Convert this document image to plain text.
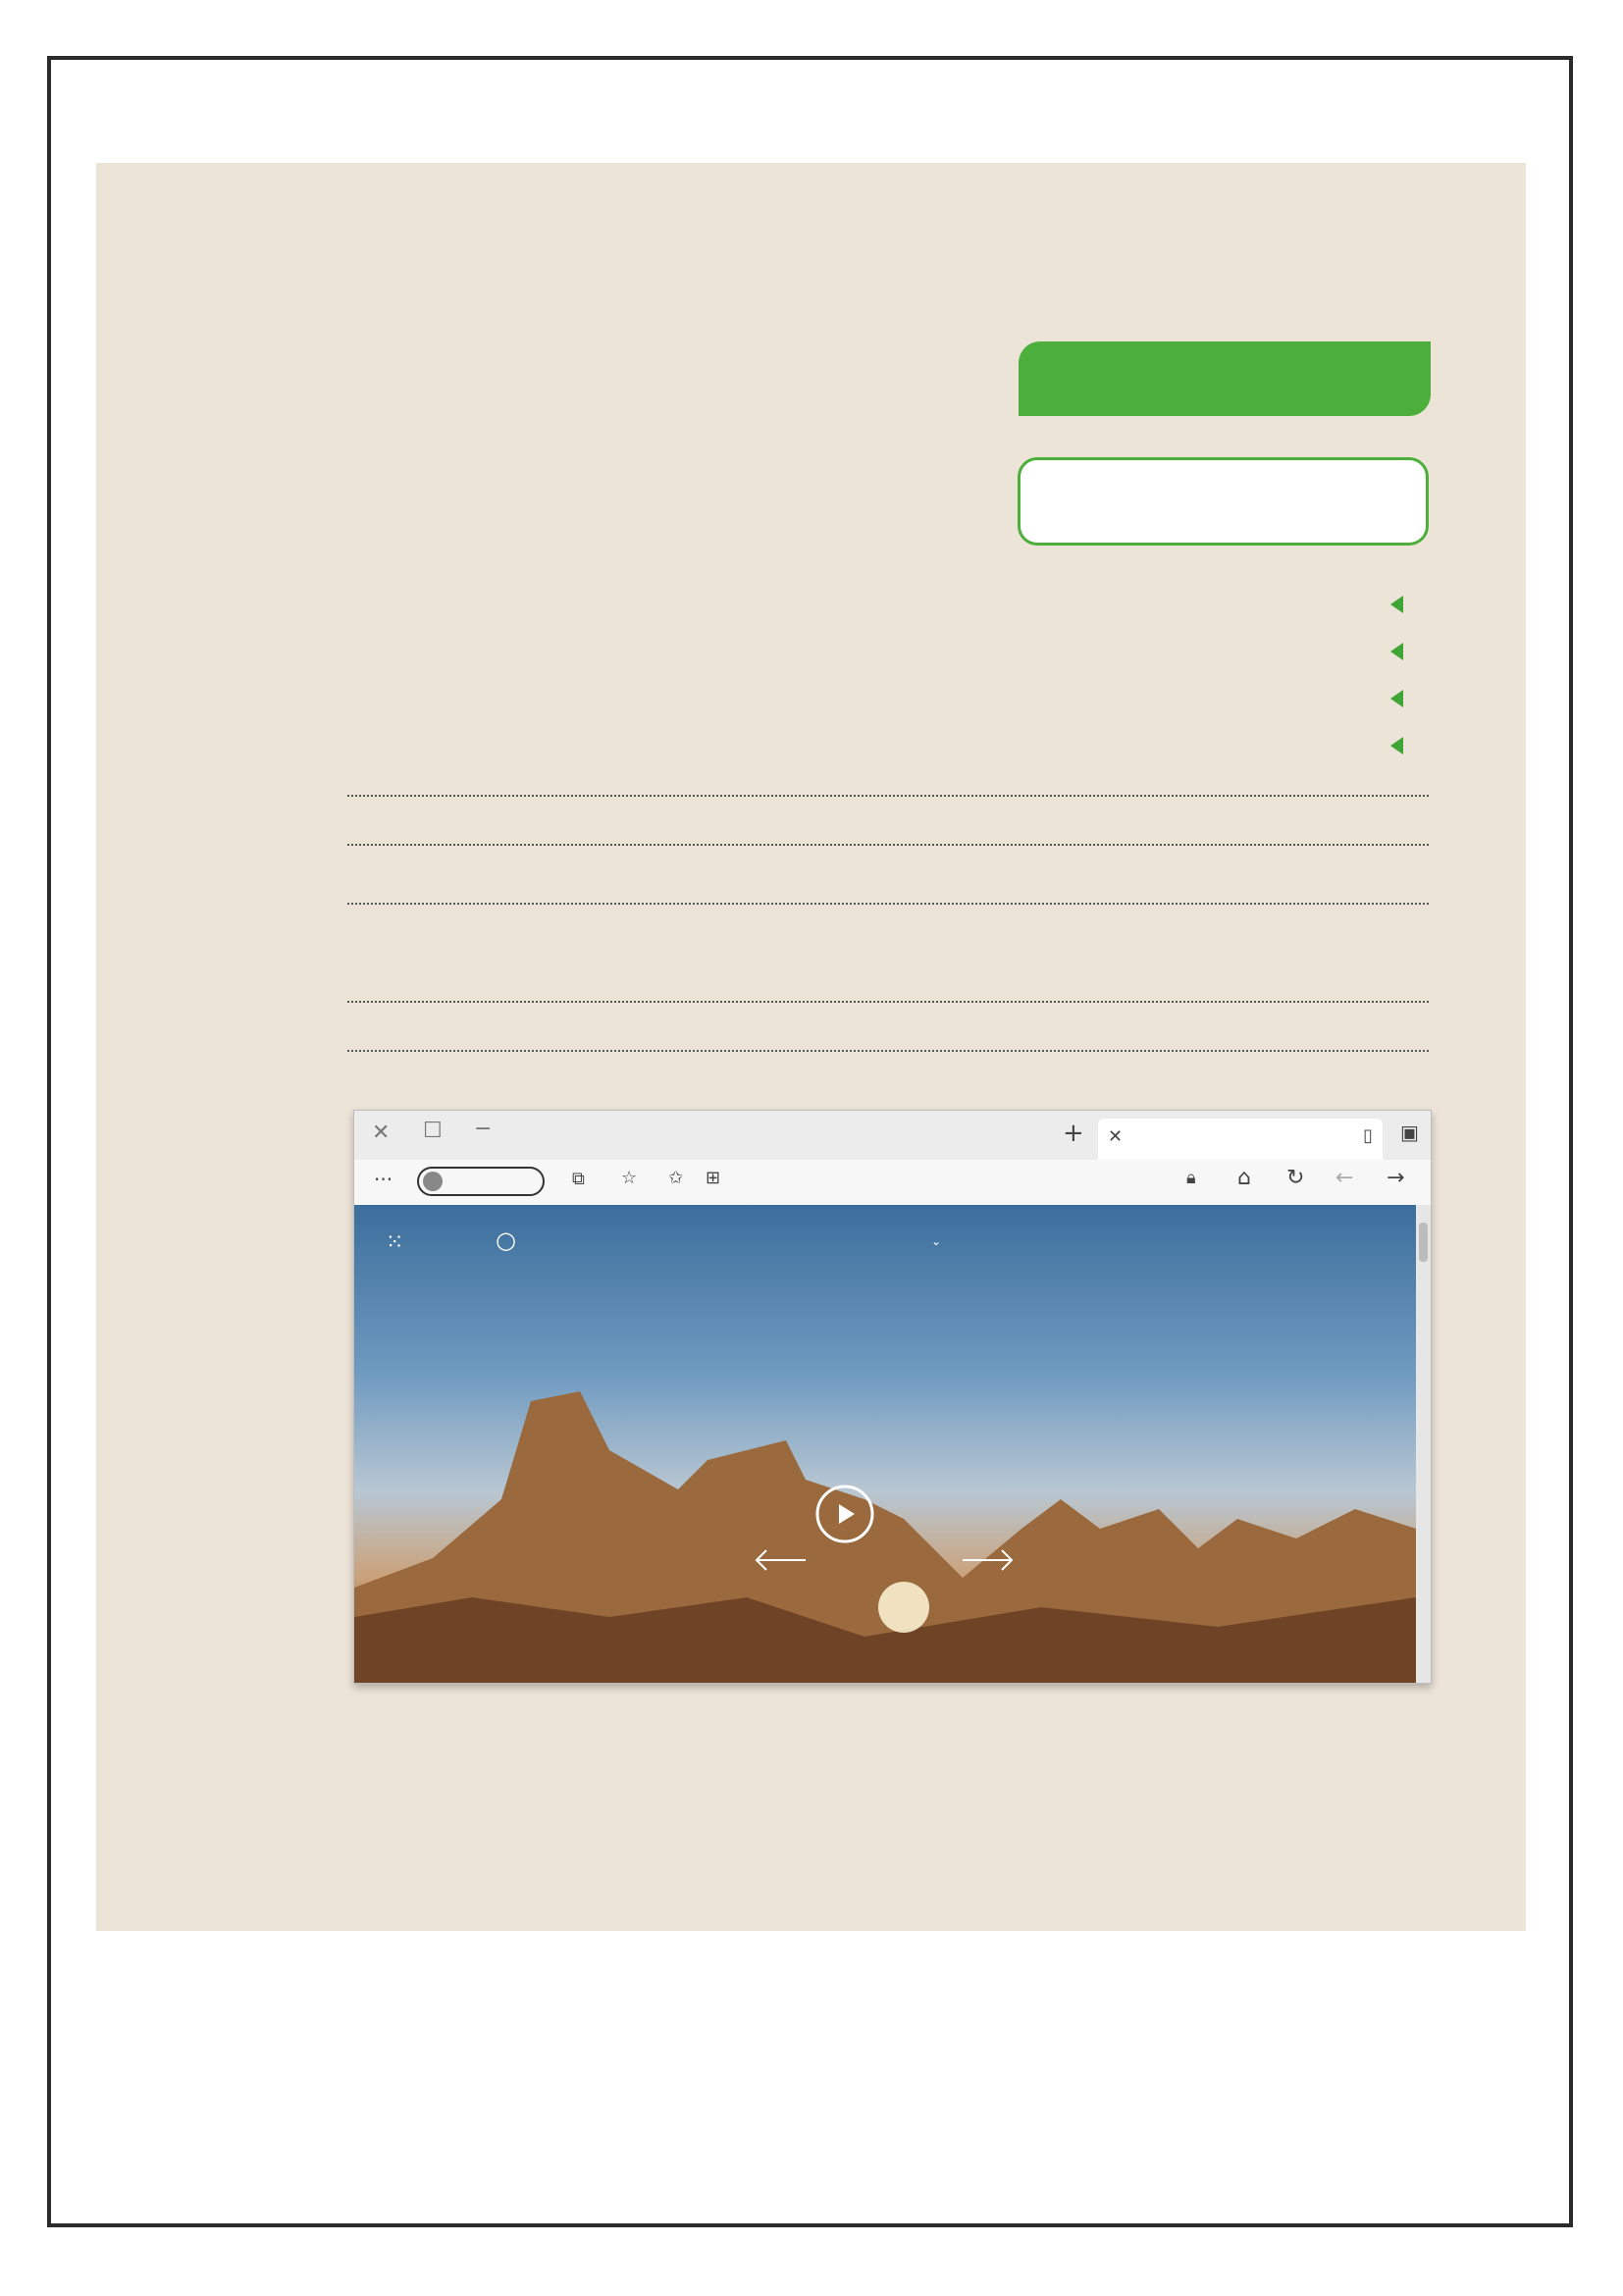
✕ ☐ −	+ ✕	▯ ▣
···	⧉ ☆ ✩ ⊞	🔒︎ ⌂ ↻ ← →
⁙	○	⌄
